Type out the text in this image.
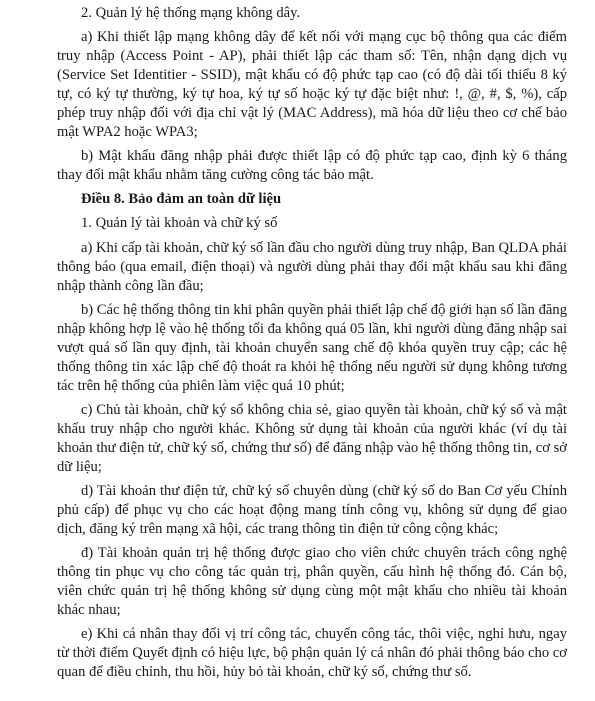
2. Quản lý hệ thống mạng không dây.

a) Khi thiết lập mạng không dây để kết nối với mạng cục bộ thông qua các điểm truy nhập (Access Point - AP), phải thiết lập các tham số: Tên, nhận dạng dịch vụ (Service Set Identitier - SSID), mật khẩu có độ phức tạp cao (có độ dài tối thiểu 8 ký tự, có ký tự thường, ký tự hoa, ký tự số hoặc ký tự đặc biệt như: !, @, #, $, %), cấp phép truy nhập đối với địa chỉ vật lý (MAC Address), mã hóa dữ liệu theo cơ chế bảo mật WPA2 hoặc WPA3;

b) Mật khẩu đăng nhập phải được thiết lập có độ phức tạp cao, định kỳ 6 tháng thay đổi mật khẩu nhằm tăng cường công tác bảo mật.

Điều 8. Bảo đảm an toàn dữ liệu

1. Quản lý tài khoản và chữ ký số

a) Khi cấp tài khoản, chữ ký số lần đầu cho người dùng truy nhập, Ban QLDA phải thông báo (qua email, điện thoại) và người dùng phải thay đổi mật khẩu sau khi đăng nhập thành công lần đầu;

b) Các hệ thống thông tin khi phân quyền phải thiết lập chế độ giới hạn số lần đăng nhập không hợp lệ vào hệ thống tối đa không quá 05 lần, khi người dùng đăng nhập sai vượt quá số lần quy định, tài khoản chuyển sang chế độ khóa quyền truy cập; các hệ thống thông tin xác lập chế độ thoát ra khỏi hệ thống nếu người sử dụng không tương tác trên hệ thống của phiên làm việc quá 10 phút;

c) Chủ tài khoản, chữ ký số không chia sẻ, giao quyền tài khoản, chữ ký số và mật khẩu truy nhập cho người khác. Không sử dụng tài khoản của người khác (ví dụ tài khoản thư điện tử, chữ ký số, chứng thư số) để đăng nhập vào hệ thống thông tin, cơ sở dữ liệu;

d) Tài khoản thư điện tử, chữ ký số chuyên dùng (chữ ký số do Ban Cơ yếu Chính phủ cấp) để phục vụ cho các hoạt động mang tính công vụ, không sử dụng để giao dịch, đăng ký trên mạng xã hội, các trang thông tin điện tử công cộng khác;

đ) Tài khoản quản trị hệ thống được giao cho viên chức chuyên trách công nghệ thông tin phục vụ cho công tác quản trị, phân quyền, cấu hình hệ thống đó. Cán bộ, viên chức quản trị hệ thống không sử dụng cùng một mật khẩu cho nhiều tài khoản khác nhau;

e) Khi cá nhân thay đổi vị trí công tác, chuyển công tác, thôi việc, nghỉ hưu, ngay từ thời điểm Quyết định có hiệu lực, bộ phận quản lý cá nhân đó phải thông báo cho cơ quan để điều chỉnh, thu hồi, hủy bỏ tài khoản, chữ ký số, chứng thư số.
